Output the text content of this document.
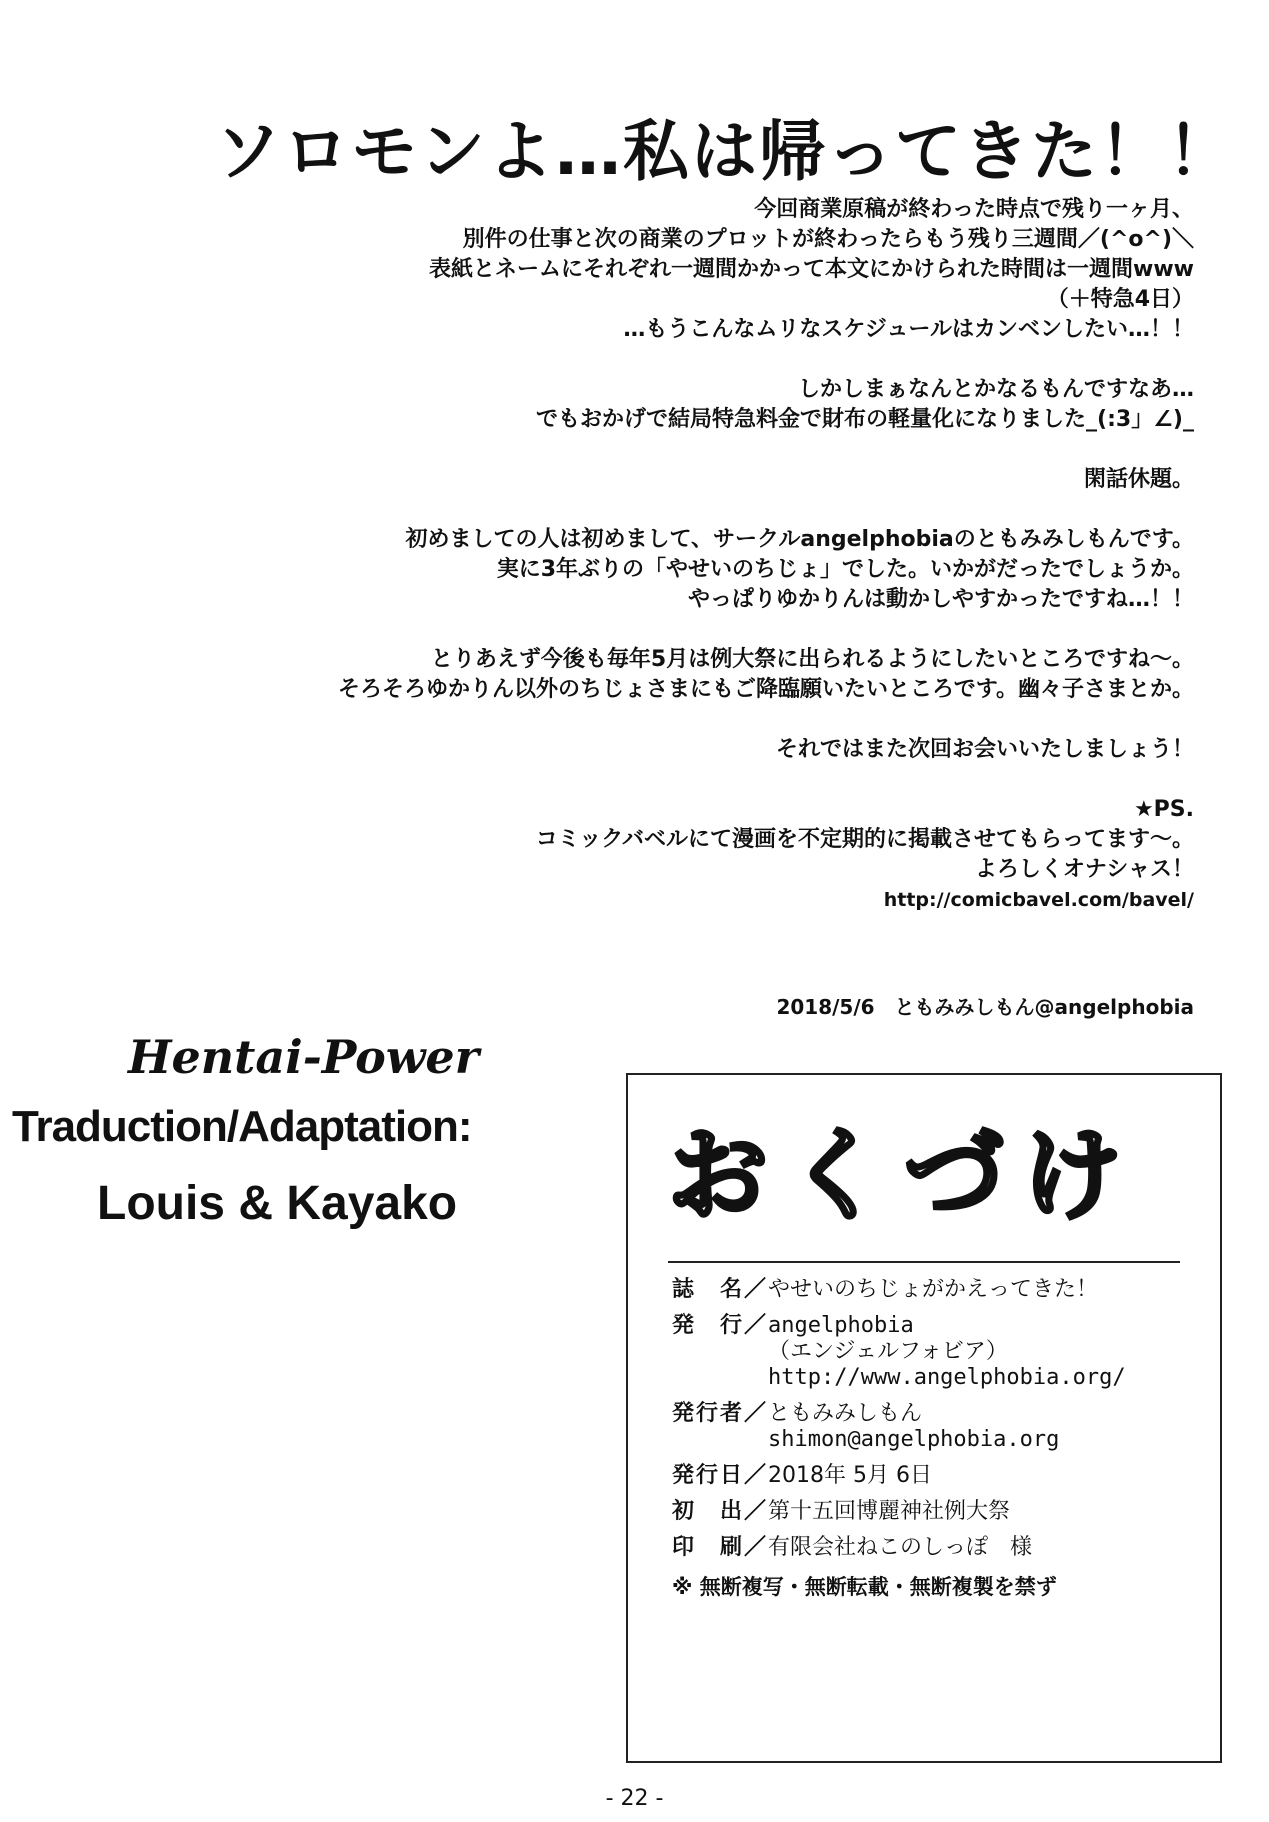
ソロモンよ…私は帰ってきた！！
今回商業原稿が終わった時点で残り一ヶ月、
別件の仕事と次の商業のプロットが終わったらもう残り三週間／(^o^)＼
表紙とネームにそれぞれ一週間かかって本文にかけられた時間は一週間www
（＋特急4日）
…もうこんなムリなスケジュールはカンベンしたい…！！
しかしまぁなんとかなるもんですなあ…
でもおかげで結局特急料金で財布の軽量化になりました_(:3」∠)_
閑話休題。
初めましての人は初めまして、サークルangelphobiaのともみみしもんです。
実に3年ぶりの「やせいのちじょ」でした。いかがだったでしょうか。
やっぱりゆかりんは動かしやすかったですね…！！
とりあえず今後も毎年5月は例大祭に出られるようにしたいところですね～。
そろそろゆかりん以外のちじょさまにもご降臨願いたいところです。幽々子さまとか。
それではまた次回お会いいたしましょう！
★PS.
コミックバベルにて漫画を不定期的に掲載させてもらってます～。
よろしくオナシャス！
http://comicbavel.com/bavel/
2018/5/6　ともみみしもん@angelphobia
Hentai-Power
Traduction/Adaptation:
Louis & Kayako おくづけ
誌　名／ やせいのちじょがかえってきた！
発　行／ angelphobia
（エンジェルフォビア）
http://www.angelphobia.org/
発行者／ ともみみしもん
shimon@angelphobia.org
発行日／ 2018年 5月 6日
初　出／ 第十五回博麗神社例大祭
印　刷／ 有限会社ねこのしっぽ　様
※ 無断複写・無断転載・無断複製を禁ず
- 22 -
